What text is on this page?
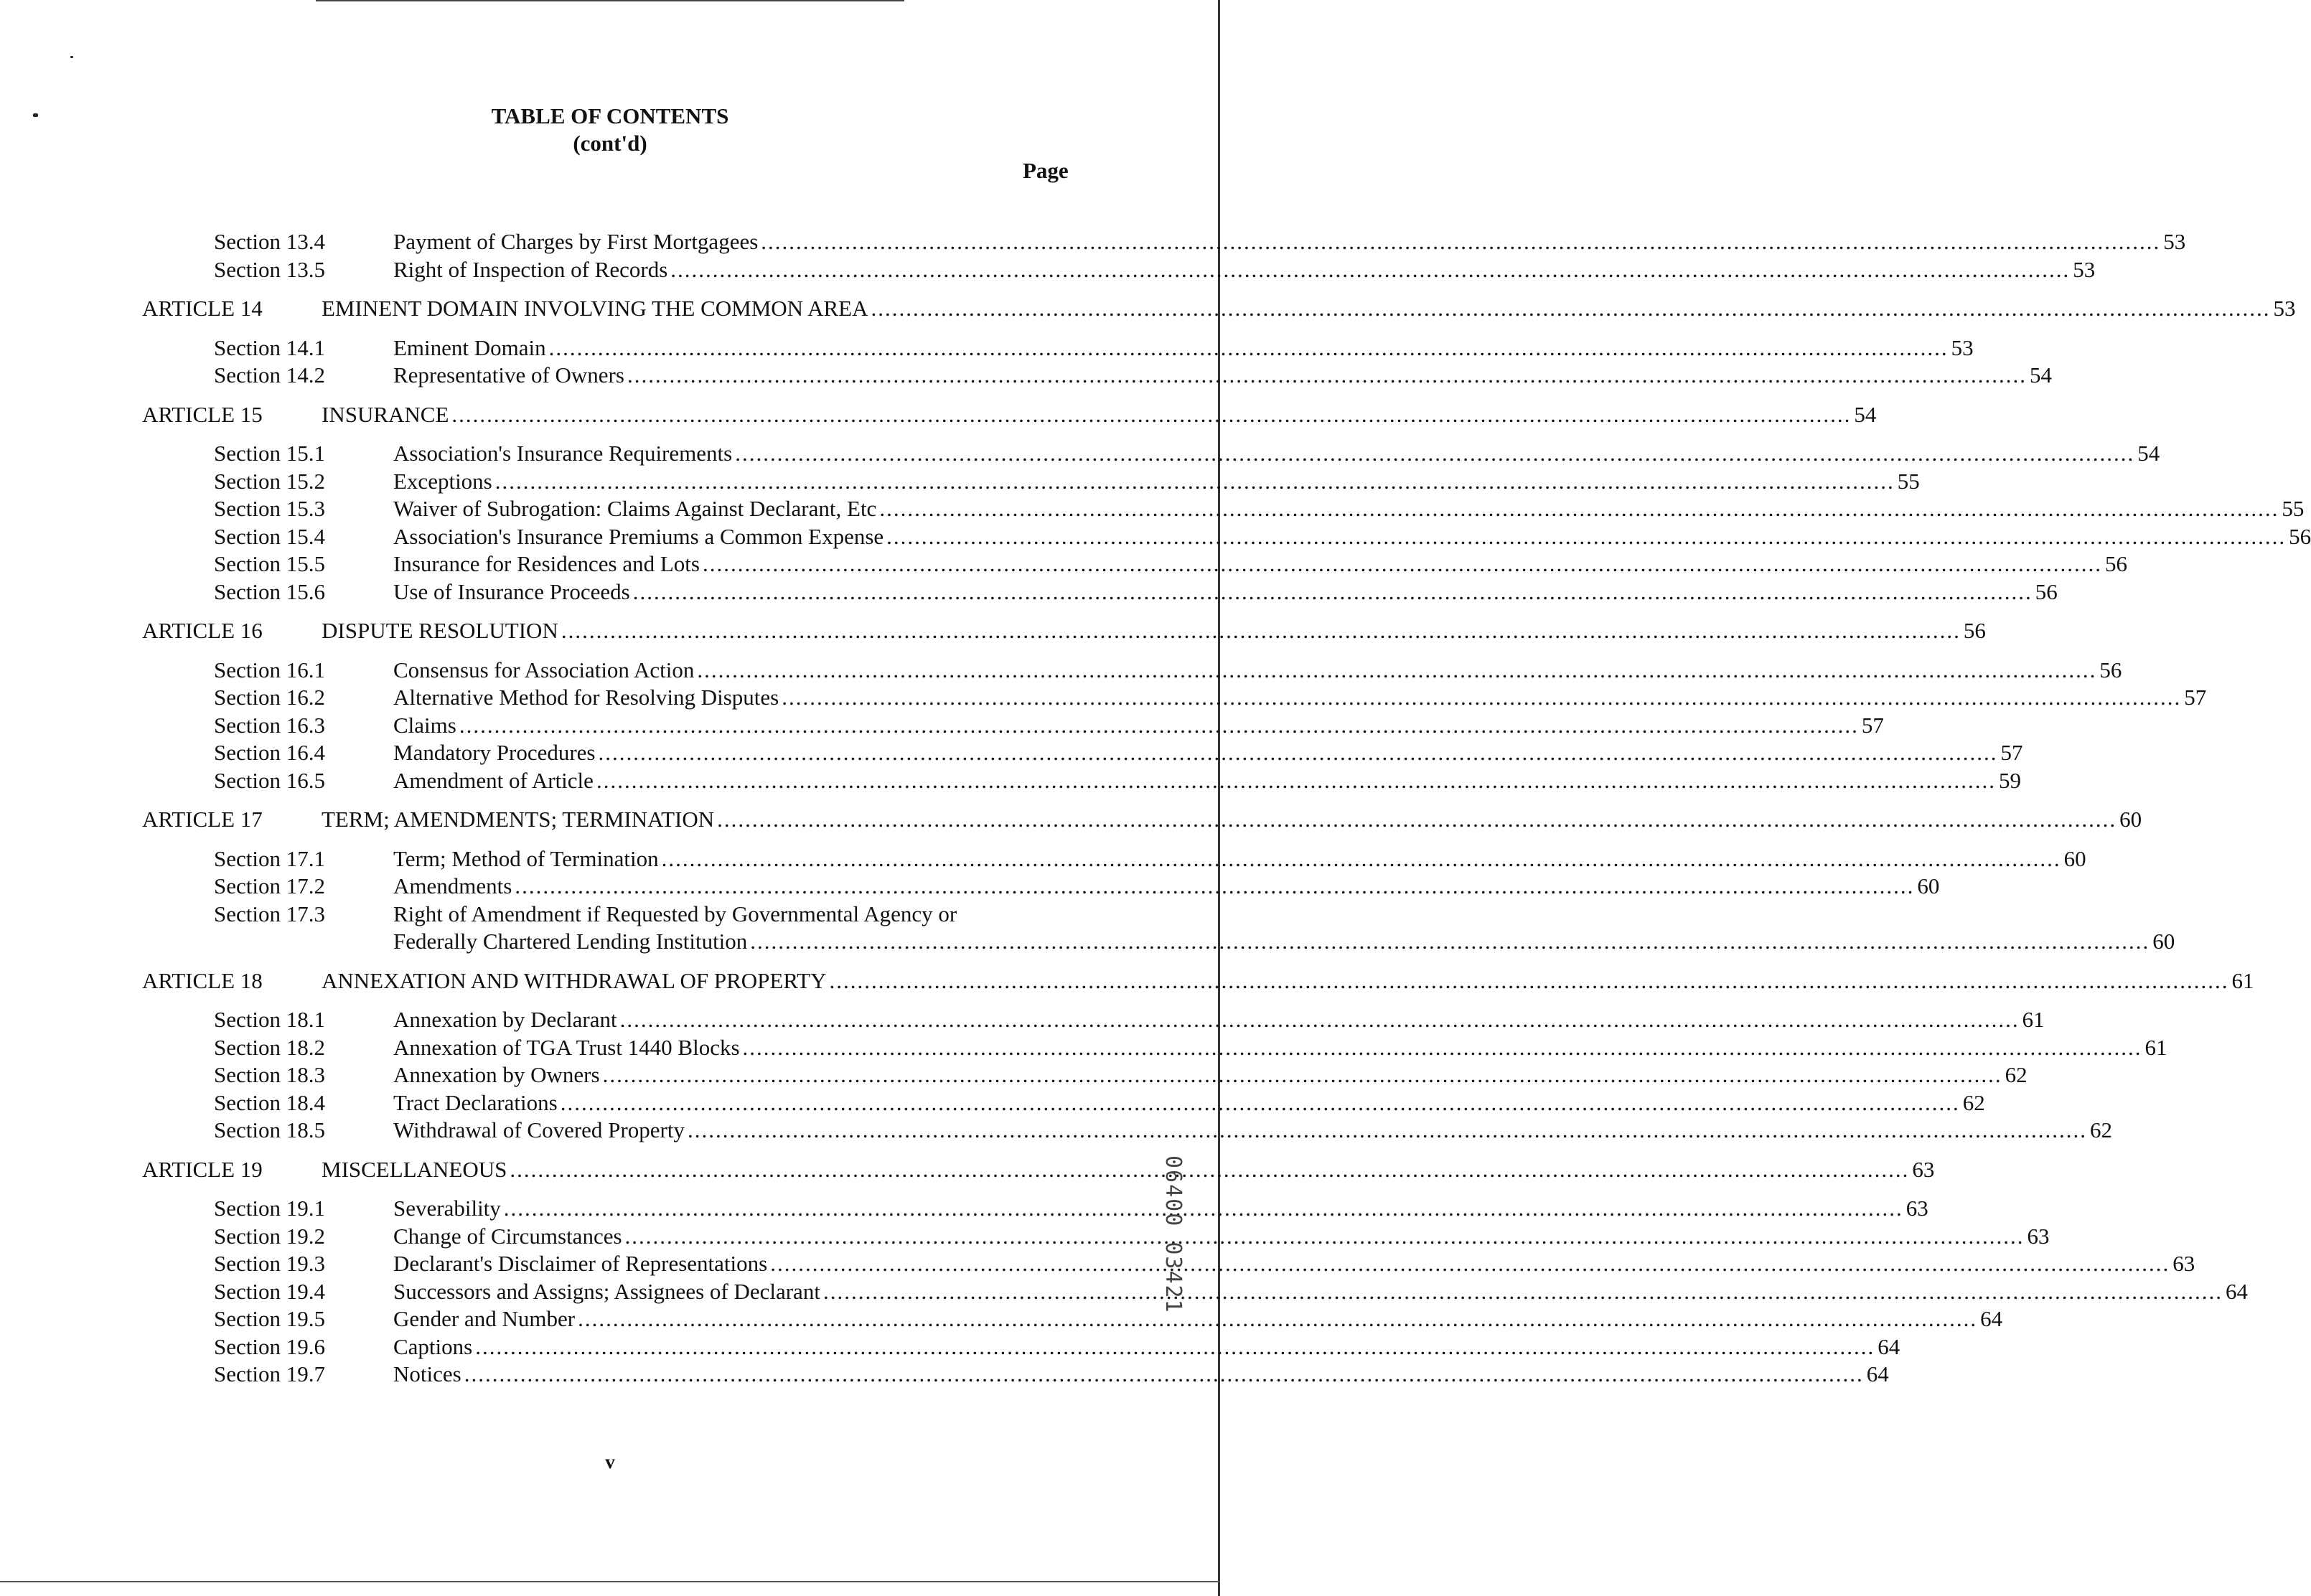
TABLE OF CONTENTS
(cont'd)
Page
Section 13.4	Payment of Charges by First Mortgagees ........................................................................................................................................................................................................ 53
Section 13.5	Right of Inspection of Records ........................................................................................................................................................................................................ 53
ARTICLE 14	EMINENT DOMAIN INVOLVING THE COMMON AREA ........................................................................................................................................................................................................ 53
Section 14.1	Eminent Domain ........................................................................................................................................................................................................ 53
Section 14.2	Representative of Owners ........................................................................................................................................................................................................ 54
ARTICLE 15	INSURANCE ........................................................................................................................................................................................................ 54
Section 15.1	Association's Insurance Requirements ........................................................................................................................................................................................................ 54
Section 15.2	Exceptions ........................................................................................................................................................................................................ 55
Section 15.3	Waiver of Subrogation: Claims Against Declarant, Etc ........................................................................................................................................................................................................ 55
Section 15.4	Association's Insurance Premiums a Common Expense ........................................................................................................................................................................................................ 56
Section 15.5	Insurance for Residences and Lots ........................................................................................................................................................................................................ 56
Section 15.6	Use of Insurance Proceeds ........................................................................................................................................................................................................ 56
ARTICLE 16	DISPUTE RESOLUTION ........................................................................................................................................................................................................ 56
Section 16.1	Consensus for Association Action ........................................................................................................................................................................................................ 56
Section 16.2	Alternative Method for Resolving Disputes ........................................................................................................................................................................................................ 57
Section 16.3	Claims ........................................................................................................................................................................................................ 57
Section 16.4	Mandatory Procedures ........................................................................................................................................................................................................ 57
Section 16.5	Amendment of Article ........................................................................................................................................................................................................ 59
ARTICLE 17	TERM; AMENDMENTS; TERMINATION ........................................................................................................................................................................................................ 60
Section 17.1	Term; Method of Termination ........................................................................................................................................................................................................ 60
Section 17.2	Amendments ........................................................................................................................................................................................................ 60
Section 17.3	Right of Amendment if Requested by Governmental Agency or
Federally Chartered Lending Institution ........................................................................................................................................................................................................ 60
ARTICLE 18	ANNEXATION AND WITHDRAWAL OF PROPERTY ........................................................................................................................................................................................................ 61
Section 18.1	Annexation by Declarant ........................................................................................................................................................................................................ 61
Section 18.2	Annexation of TGA Trust 1440 Blocks ........................................................................................................................................................................................................ 61
Section 18.3	Annexation by Owners ........................................................................................................................................................................................................ 62
Section 18.4	Tract Declarations ........................................................................................................................................................................................................ 62
Section 18.5	Withdrawal of Covered Property ........................................................................................................................................................................................................ 62
ARTICLE 19	MISCELLANEOUS ........................................................................................................................................................................................................ 63
Section 19.1	Severability ........................................................................................................................................................................................................ 63
Section 19.2	Change of Circumstances ........................................................................................................................................................................................................ 63
Section 19.3	Declarant's Disclaimer of Representations ........................................................................................................................................................................................................ 63
Section 19.4	Successors and Assigns; Assignees of Declarant ........................................................................................................................................................................................................ 64
Section 19.5	Gender and Number ........................................................................................................................................................................................................ 64
Section 19.6	Captions ........................................................................................................................................................................................................ 64
Section 19.7	Notices ........................................................................................................................................................................................................ 64
v
06400 03421
